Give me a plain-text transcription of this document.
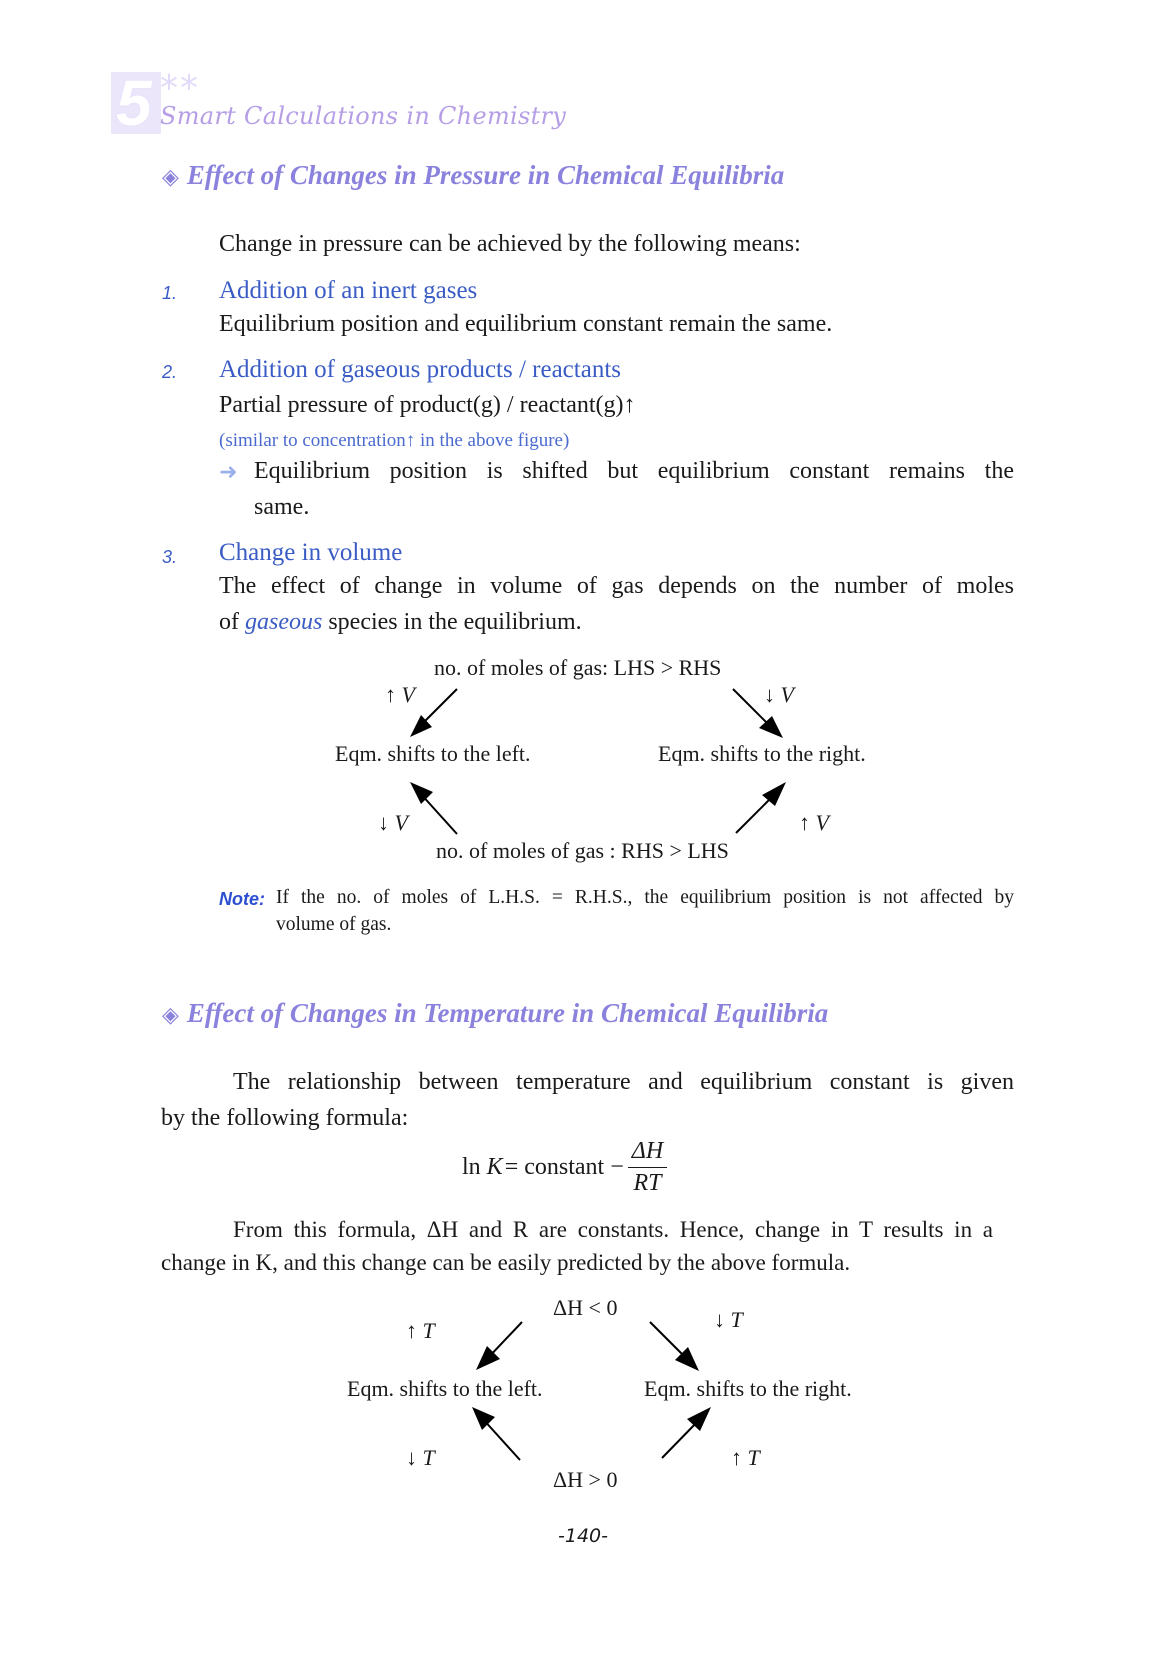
5 **
Smart Calculations in Chemistry
◈ Effect of Changes in Pressure in Chemical Equilibria
Change in pressure can be achieved by the following means:
1. Addition of an inert gases
Equilibrium position and equilibrium constant remain the same.
2. Addition of gaseous products / reactants
Partial pressure of product(g) / reactant(g)↑
(similar to concentration↑ in the above figure)
➜ Equilibrium position is shifted but equilibrium constant remains the
same.
3. Change in volume
The effect of change in volume of gas depends on the number of moles
of gaseous species in the equilibrium.
no. of moles of gas: LHS > RHS
↑ V	↓ V
Eqm. shifts to the left.	Eqm. shifts to the right.
↓ V	↑ V
no. of moles of gas : RHS > LHS
Note: If the no. of moles of L.H.S. = R.H.S., the equilibrium position is not affected by
volume of gas.
◈ Effect of Changes in Temperature in Chemical Equilibria
The relationship between temperature and equilibrium constant is given
by the following formula:
ln
K = constant − $\frac{\Delta H}{RT}$
From this formula, ΔH and R are constants. Hence, change in T results in a
change in K, and this change can be easily predicted by the above formula.
ΔH < 0
↑ T	↓ T
Eqm. shifts to the left.	Eqm. shifts to the right.
↓ T	↑ T
ΔH > 0
-140-
